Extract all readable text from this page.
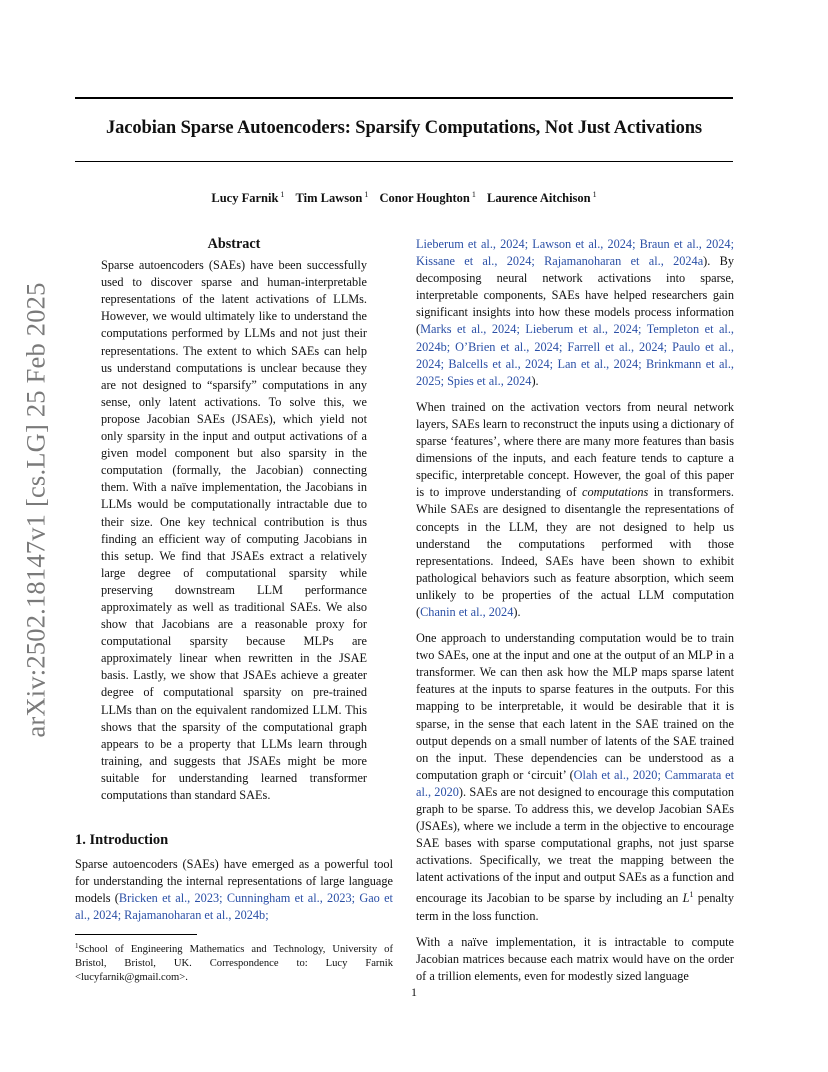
Jacobian Sparse Autoencoders: Sparsify Computations, Not Just Activations
Lucy Farnik $^1$ Tim Lawson $^1$ Conor Houghton $^1$ Laurence Aitchison $^1$
arXiv:2502.18147v1 [cs.LG] 25 Feb 2025
Abstract

Sparse autoencoders (SAEs) have been successfully used to discover sparse and human-interpretable representations of the latent activations of LLMs. However, we would ultimately like to understand the computations performed by LLMs and not just their representations. The extent to which SAEs can help us understand computations is unclear because they are not designed to “sparsify” computations in any sense, only latent activations. To solve this, we propose Jacobian SAEs (JSAEs), which yield not only sparsity in the input and output activations of a given model component but also sparsity in the computation (formally, the Jacobian) connecting them. With a naïve implementation, the Jacobians in LLMs would be computationally intractable due to their size. One key technical contribution is thus finding an efficient way of computing Jacobians in this setup. We find that JSAEs extract a relatively large degree of computational sparsity while preserving downstream LLM performance approximately as well as traditional SAEs. We also show that Jacobians are a reasonable proxy for computational sparsity because MLPs are approximately linear when rewritten in the JSAE basis. Lastly, we show that JSAEs achieve a greater degree of computational sparsity on pre-trained LLMs than on the equivalent randomized LLM. This shows that the sparsity of the computational graph appears to be a property that LLMs learn through training, and suggests that JSAEs might be more suitable for understanding learned transformer computations than standard SAEs.

1. Introduction

Sparse autoencoders (SAEs) have emerged as a powerful tool for understanding the internal representations of large language models (Bricken et al., 2023; Cunningham et al., 2023; Gao et al., 2024; Rajamanoharan et al., 2024b;

$^1$School of Engineering Mathematics and Technology, University of Bristol, Bristol, UK. Correspondence to: Lucy Farnik <lucyfarnik@gmail.com>.

Lieberum et al., 2024; Lawson et al., 2024; Braun et al., 2024; Kissane et al., 2024; Rajamanoharan et al., 2024a). By decomposing neural network activations into sparse, interpretable components, SAEs have helped researchers gain significant insights into how these models process information (Marks et al., 2024; Lieberum et al., 2024; Templeton et al., 2024b; O’Brien et al., 2024; Farrell et al., 2024; Paulo et al., 2024; Balcells et al., 2024; Lan et al., 2024; Brinkmann et al., 2025; Spies et al., 2024).

When trained on the activation vectors from neural network layers, SAEs learn to reconstruct the inputs using a dictionary of sparse ‘features’, where there are many more features than basis dimensions of the inputs, and each feature tends to capture a specific, interpretable concept. However, the goal of this paper is to improve understanding of computations in transformers. While SAEs are designed to disentangle the representations of concepts in the LLM, they are not designed to help us understand the computations performed with those representations. Indeed, SAEs have been shown to exhibit pathological behaviors such as feature absorption, which seem unlikely to be properties of the actual LLM computation (Chanin et al., 2024).

One approach to understanding computation would be to train two SAEs, one at the input and one at the output of an MLP in a transformer. We can then ask how the MLP maps sparse latent features at the inputs to sparse features in the outputs. For this mapping to be interpretable, it would be desirable that it is sparse, in the sense that each latent in the SAE trained on the output depends on a small number of latents of the SAE trained on the input. These dependencies can be understood as a computation graph or ‘circuit’ (Olah et al., 2020; Cammarata et al., 2020). SAEs are not designed to encourage this computation graph to be sparse. To address this, we develop Jacobian SAEs (JSAEs), where we include a term in the objective to encourage SAE bases with sparse computational graphs, not just sparse activations. Specifically, we treat the mapping between the latent activations of the input and output SAEs as a function and encourage its Jacobian to be sparse by including an $L^1$ penalty term in the loss function.

With a naïve implementation, it is intractable to compute Jacobian matrices because each matrix would have on the order of a trillion elements, even for modestly sized language

1
